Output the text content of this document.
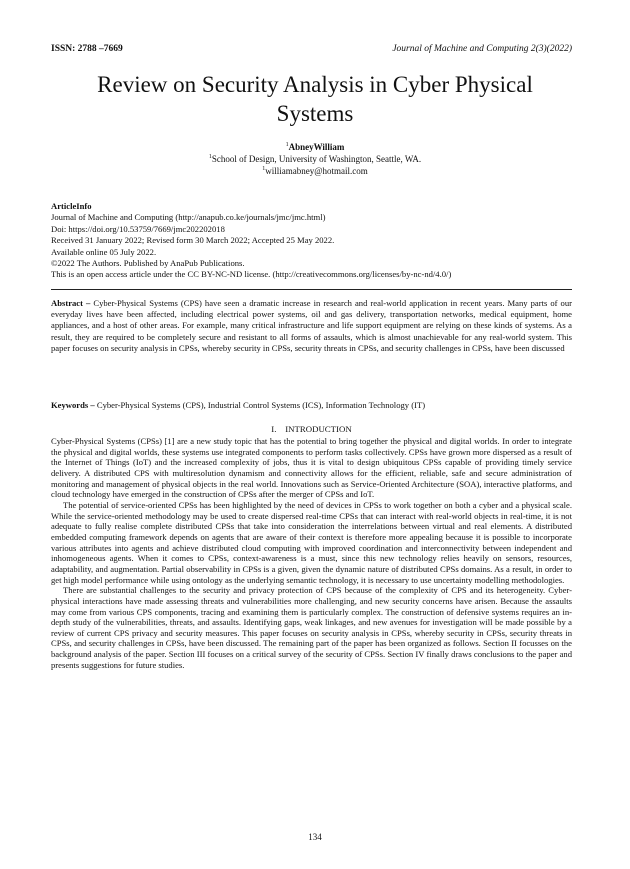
ISSN: 2788 –7669	Journal of Machine and Computing 2(3)(2022)
Review on Security Analysis in Cyber Physical
Systems
$^1$AbneyWilliam
$^1$School of Design, University of Washington, Seattle, WA.
$^1$williamabney@hotmail.com
ArticleInfo
Journal of Machine and Computing (http://anapub.co.ke/journals/jmc/jmc.html)
Doi: https://doi.org/10.53759/7669/jmc202202018
Received 31 January 2022; Revised form 30 March 2022; Accepted 25 May 2022.
Available online 05 July 2022.
©2022 The Authors. Published by AnaPub Publications.
This is an open access article under the CC BY-NC-ND license. (http://creativecommons.org/licenses/by-nc-nd/4.0/)
Abstract – Cyber-Physical Systems (CPS) have seen a dramatic increase in research and real-world application in recent years. Many parts of our everyday lives have been affected, including electrical power systems, oil and gas delivery, transportation networks, medical equipment, home appliances, and a host of other areas. For example, many critical infrastructure and life support equipment are relying on these kinds of systems. As a result, they are required to be completely secure and resistant to all forms of assaults, which is almost unachievable for any real-world system. This paper focuses on security analysis in CPSs, whereby security in CPSs, security threats in CPSs, and security challenges in CPSs, have been discussed
Keywords – Cyber-Physical Systems (CPS), Industrial Control Systems (ICS), Information Technology (IT)
I. INTRODUCTION

Cyber-Physical Systems (CPSs) [1] are a new study topic that has the potential to bring together the physical and digital worlds. In order to integrate the physical and digital worlds, these systems use integrated components to perform tasks collectively. CPSs have grown more dispersed as a result of the Internet of Things (IoT) and the increased complexity of jobs, thus it is vital to design ubiquitous CPSs capable of providing timely service delivery. A distributed CPS with multiresolution dynamism and connectivity allows for the efficient, reliable, safe and secure administration of monitoring and management of physical objects in the real world. Innovations such as Service-Oriented Architecture (SOA), interactive platforms, and cloud technology have emerged in the construction of CPSs after the merger of CPSs and IoT.

The potential of service-oriented CPSs has been highlighted by the need of devices in CPSs to work together on both a cyber and a physical scale. While the service-oriented methodology may be used to create dispersed real-time CPSs that can interact with real-world objects in real-time, it is not adequate to fully realise complete distributed CPSs that take into consideration the interrelations between virtual and real elements. A distributed embedded computing framework depends on agents that are aware of their context is therefore more appealing because it is possible to incorporate various attributes into agents and achieve distributed cloud computing with improved coordination and interconnectivity between independent and inhomogeneous agents. When it comes to CPSs, context-awareness is a must, since this new technology relies heavily on sensors, resources, adaptability, and augmentation. Partial observability in CPSs is a given, given the dynamic nature of distributed CPSs domains. As a result, in order to get high model performance while using ontology as the underlying semantic technology, it is necessary to use uncertainty modelling methodologies.

There are substantial challenges to the security and privacy protection of CPS because of the complexity of CPS and its heterogeneity. Cyber-physical interactions have made assessing threats and vulnerabilities more challenging, and new security concerns have arisen. Because the assaults may come from various CPS components, tracing and examining them is particularly complex. The construction of defensive systems requires an in-depth study of the vulnerabilities, threats, and assaults. Identifying gaps, weak linkages, and new avenues for investigation will be made possible by a review of current CPS privacy and security measures. This paper focuses on security analysis in CPSs, whereby security in CPSs, security threats in CPSs, and security challenges in CPSs, have been discussed. The remaining part of the paper has been organized as follows. Section II focusses on the background analysis of the paper. Section III focuses on a critical survey of the security of CPSs. Section IV finally draws conclusions to the paper and presents suggestions for future studies.

134
